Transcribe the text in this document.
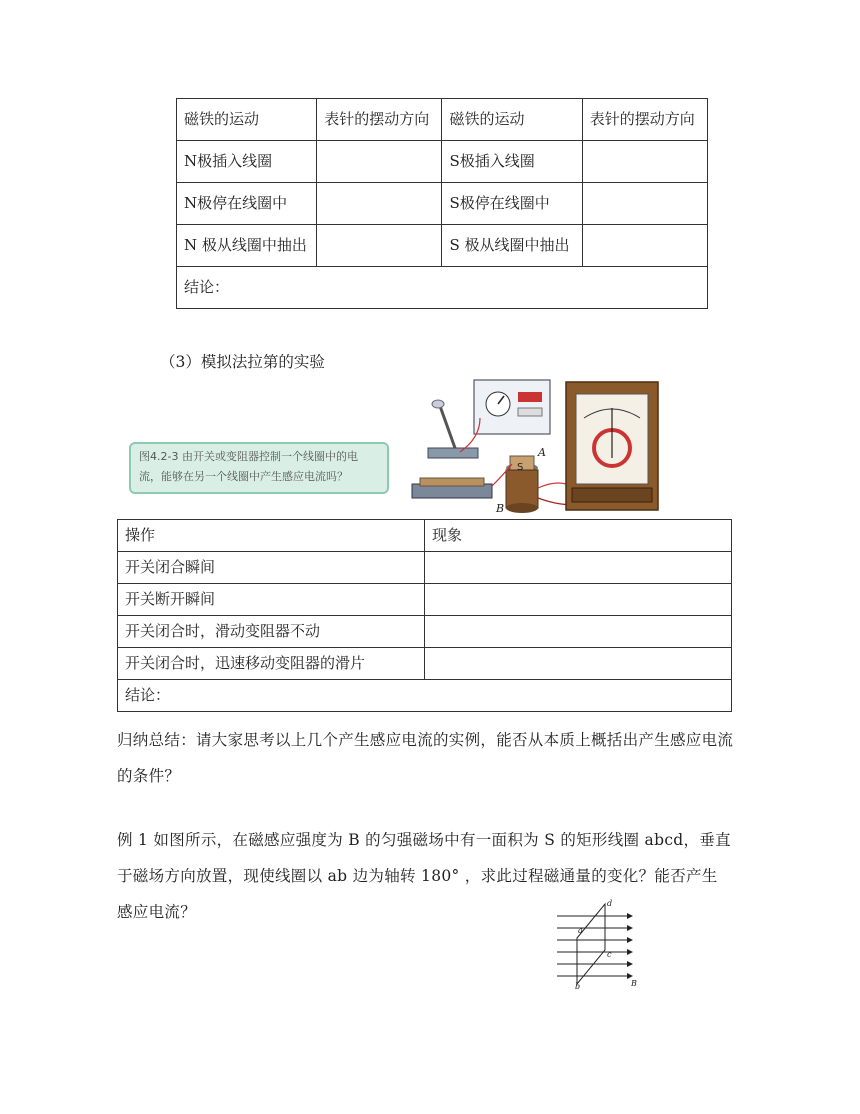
磁铁的运动	表针的摆动方向	磁铁的运动	表针的摆动方向
N极插入线圈		S极插入线圈	
N极停在线圈中		S极停在线圈中	
N 极从线圈中抽出		S 极从线圈中抽出	
结论：			
（3）模拟法拉第的实验
图4.2-3 由开关或变阻器控制一个线圈中的电流，能够在另一个线圈中产生感应电流吗？
S
A
B
操作	现象
开关闭合瞬间	
开关断开瞬间	
开关闭合时，滑动变阻器不动	
开关闭合时，迅速移动变阻器的滑片	
结论：	
归纳总结：请大家思考以上几个产生感应电流的实例，能否从本质上概括出产生感应电流的条件？
例 1 如图所示，在磁感应强度为 B 的匀强磁场中有一面积为 S 的矩形线圈 abcd，垂直于磁场方向放置，现使线圈以 ab 边为轴转 180° ，求此过程磁通量的变化？能否产生 感应电流？
a
b
c
d
B
